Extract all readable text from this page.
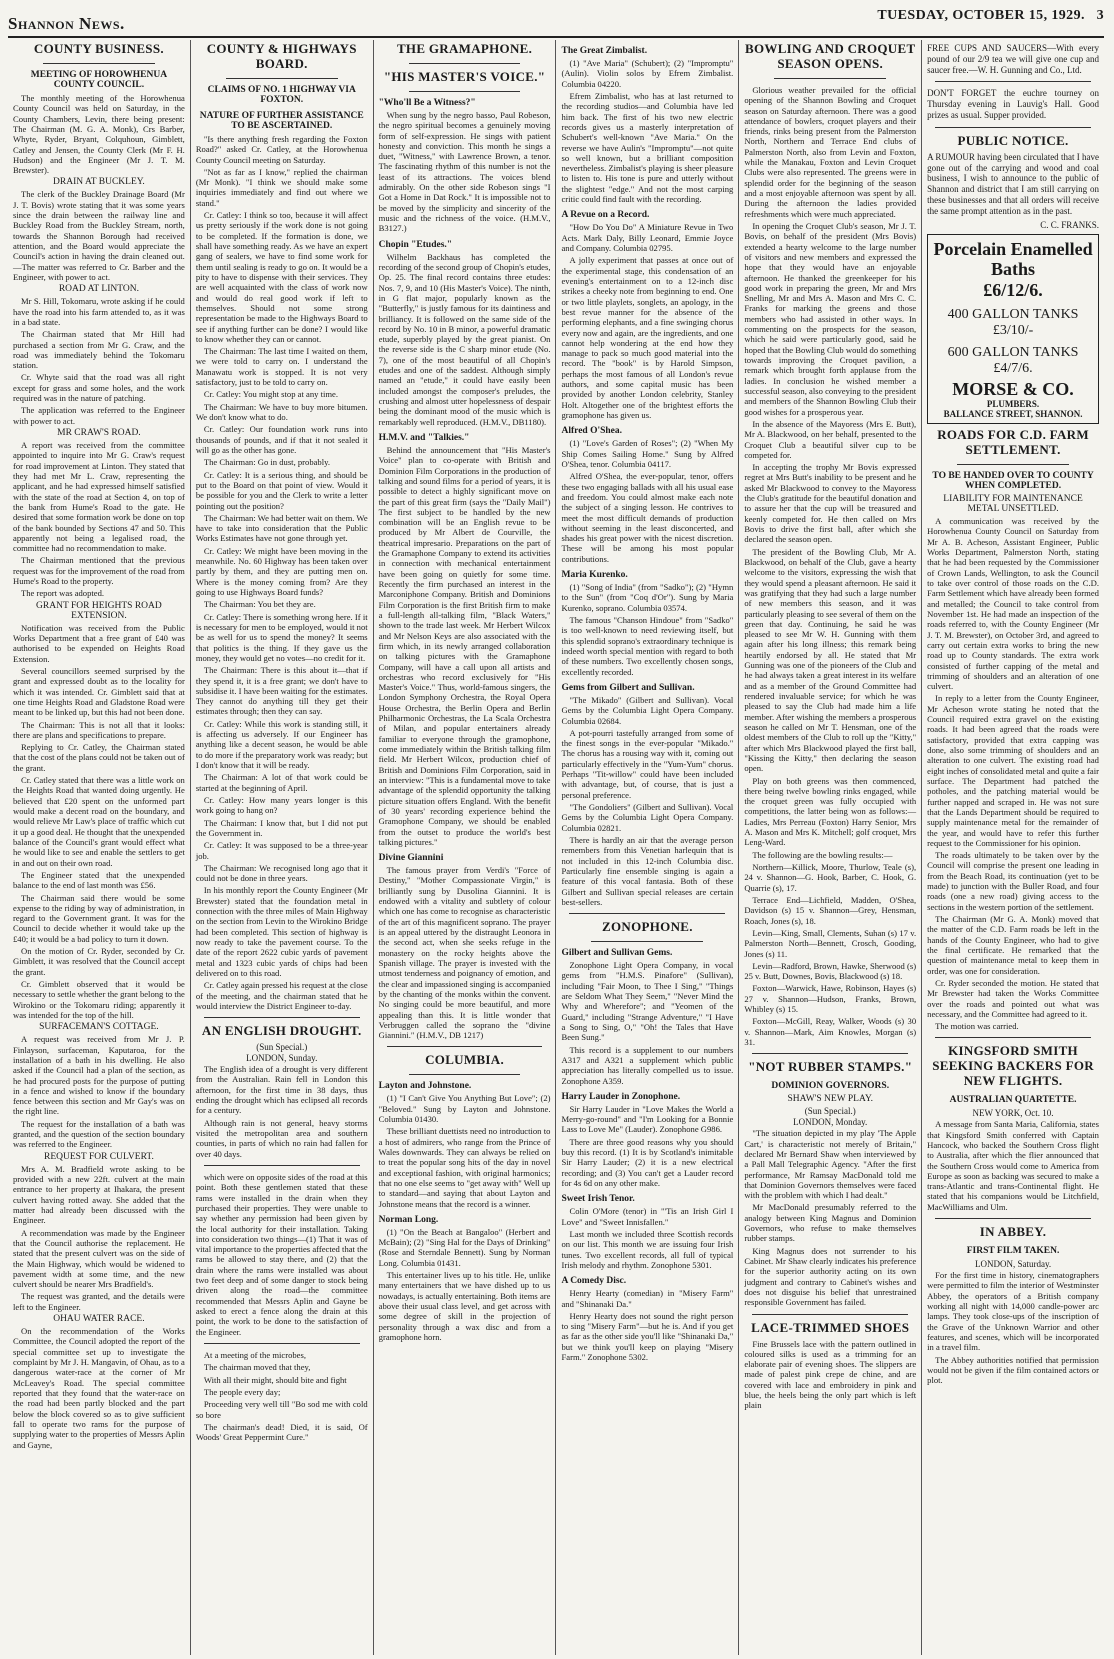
Shannon News.	TUESDAY, OCTOBER 15, 1929. 3
COUNTY BUSINESS.
MEETING OF HOROWHENUA COUNTY COUNCIL.

The monthly meeting of the Horowhenua County Council was held on Saturday, in the County Chambers, Levin, there being present: The Chairman (M. G. A. Monk), Crs Barber, Whyte, Ryder, Bryant, Colquhoun, Gimblett, Catley and Jensen, the County Clerk (Mr F. H. Hudson) and the Engineer (Mr J. T. M. Brewster).

DRAIN AT BUCKLEY.

The clerk of the Buckley Drainage Board (Mr J. T. Bovis) wrote stating that it was some years since the drain between the railway line and Buckley Road from the Buckley Stream, north, towards the Shannon Borough had received attention, and the Board would appreciate the Council's action in having the drain cleaned out.—The matter was referred to Cr. Barber and the Engineer, with power to act.

ROAD AT LINTON.

Mr S. Hill, Tokomaru, wrote asking if he could have the road into his farm attended to, as it was in a bad state.

The Chairman stated that Mr Hill had purchased a section from Mr G. Craw, and the road was immediately behind the Tokomaru station.

Cr. Whyte said that the road was all right except for grass and some holes, and the work required was in the nature of patching.

The application was referred to the Engineer with power to act.

MR CRAW'S ROAD.

A report was received from the committee appointed to inquire into Mr G. Craw's request for road improvement at Linton. They stated that they had met Mr L. Craw, representing the applicant, and he had expressed himself satisfied with the state of the road at Section 4, on top of the bank from Hume's Road to the gate. He desired that some formation work be done on top of the bank bounded by Sections 47 and 50. This apparently not being a legalised road, the committee had no recommendation to make.

The Chairman mentioned that the previous request was for the improvement of the road from Hume's Road to the property.

The report was adopted.

GRANT FOR HEIGHTS ROAD EXTENSION.

Notification was received from the Public Works Department that a free grant of £40 was authorised to be expended on Heights Road Extension.

Several councillors seemed surprised by the grant and expressed doubt as to the locality for which it was intended. Cr. Gimblett said that at one time Heights Road and Gladstone Road were meant to be linked up, but this had not been done.

The Chairman: This is not all that it looks: there are plans and specifications to prepare.

Replying to Cr. Catley, the Chairman stated that the cost of the plans could not be taken out of the grant.

Cr. Catley stated that there was a little work on the Heights Road that wanted doing urgently. He believed that £20 spent on the unformed part would make a decent road on the boundary, and would relieve Mr Law's place of traffic which cut it up a good deal. He thought that the unexpended balance of the Council's grant would effect what he would like to see and enable the settlers to get in and out on their own road.

The Engineer stated that the unexpended balance to the end of last month was £56.

The Chairman said there would be some expense to the riding by way of administration, in regard to the Government grant. It was for the Council to decide whether it would take up the £40; it would be a bad policy to turn it down.

On the motion of Cr. Ryder, seconded by Cr. Gimblett, it was resolved that the Council accept the grant.

Cr. Gimblett observed that it would be necessary to settle whether the grant belong to the Wirokino or the Tokomaru riding; apparently it was intended for the top of the hill.

SURFACEMAN'S COTTAGE.

A request was received from Mr J. P. Finlayson, surfaceman, Kaputaroa, for the installation of a bath in his dwelling. He also asked if the Council had a plan of the section, as he had procured posts for the purpose of putting in a fence and wished to know if the boundary fence between this section and Mr Gay's was on the right line.

The request for the installation of a bath was granted, and the question of the section boundary was referred to the Engineer.

REQUEST FOR CULVERT.

Mrs A. M. Bradfield wrote asking to be provided with a new 22ft. culvert at the main entrance to her property at Ihakara, the present culvert having rotted away. She added that the matter had already been discussed with the Engineer.

A recommendation was made by the Engineer that the Council authorise the replacement. He stated that the present culvert was on the side of the Main Highway, which would be widened to pavement width at some time, and the new culvert should be nearer Mrs Bradfield's.

The request was granted, and the details were left to the Engineer.

OHAU WATER RACE.

On the recommendation of the Works Committee, the Council adopted the report of the special committee set up to investigate the complaint by Mr J. H. Mangavin, of Ohau, as to a dangerous water-race at the corner of Mr McLeavey's Road. The special committee reported that they found that the water-race on the road had been partly blocked and the part below the block covered so as to give sufficient fall to operate two rams for the purpose of supplying water to the properties of Messrs Aplin and Gayne,

COUNTY & HIGHWAYS BOARD.
CLAIMS OF NO. 1 HIGHWAY VIA FOXTON.
NATURE OF FURTHER ASSISTANCE TO BE ASCERTAINED.

"Is there anything fresh regarding the Foxton Road?" asked Cr. Catley, at the Horowhenua County Council meeting on Saturday.

"Not as far as I know," replied the chairman (Mr Monk). "I think we should make some inquiries immediately and find out where we stand."

Cr. Catley: I think so too, because it will affect us pretty seriously if the work done is not going to be completed. If the formation is done, we shall have something ready. As we have an expert gang of sealers, we have to find some work for them until sealing is ready to go on. It would be a pity to have to dispense with their services. They are well acquainted with the class of work now and would do real good work if left to themselves. Should not some strong representation be made to the Highways Board to see if anything further can be done? I would like to know whether they can or cannot.

The Chairman: The last time I waited on them, we were told to carry on. I understand the Manawatu work is stopped. It is not very satisfactory, just to be told to carry on.

Cr. Catley: You might stop at any time.

The Chairman: We have to buy more bitumen. We don't know what to do.

Cr. Catley: Our foundation work runs into thousands of pounds, and if that it not sealed it will go as the other has gone.

The Chairman: Go in dust, probably.

Cr. Catley: It is a serious thing, and should be put to the Board on that point of view. Would it be possible for you and the Clerk to write a letter pointing out the position?

The Chairman: We had better wait on them. We have to take into consideration that the Public Works Estimates have not gone through yet.

Cr. Catley: We might have been moving in the meanwhile. No. 60 Highway has been taken over partly by them, and they are putting men on. Where is the money coming from? Are they going to use Highways Board funds?

The Chairman: You bet they are.

Cr. Catley: There is something wrong here. If it is necessary for men to be employed, would it not be as well for us to spend the money? It seems that politics is the thing. If they gave us the money, they would get no votes—no credit for it.

The Chairman: There is this about it—that if they spend it, it is a free grant; we don't have to subsidise it. I have been waiting for the estimates. They cannot do anything till they get their estimates through; then they can say.

Cr. Catley: While this work is standing still, it is affecting us adversely. If our Engineer has anything like a decent season, he would be able to do more if the preparatory work was ready; but I don't know that it will be ready.

The Chairman: A lot of that work could be started at the beginning of April.

Cr. Catley: How many years longer is this work going to hang on?

The Chairman: I know that, but I did not put the Government in.

Cr. Catley: It was supposed to be a three-year job.

The Chairman: We recognised long ago that it could not be done in three years.

In his monthly report the County Engineer (Mr Brewster) stated that the foundation metal in connection with the three miles of Main Highway on the section from Levin to the Wirokino Bridge had been completed. This section of highway is now ready to take the pavement course. To the date of the report 2622 cubic yards of pavement metal and 1323 cubic yards of chips had been delivered on to this road.

Cr. Catley again pressed his request at the close of the meeting, and the chairman stated that he would interview the District Engineer to-day.

AN ENGLISH DROUGHT.
(Sun Special.)
LONDON, Sunday.

The English idea of a drought is very different from the Australian. Rain fell in London this afternoon, for the first time in 38 days, thus ending the drought which has eclipsed all records for a century.

Although rain is not general, heavy storms visited the metropolitan area and southern counties, in parts of which no rain had fallen for over 40 days.

which were on opposite sides of the road at this point. Both these gentlemen stated that these rams were installed in the drain when they purchased their properties. They were unable to say whether any permission had been given by the local authority for their installation. Taking into consideration two things—(1) That it was of vital importance to the properties affected that the rams be allowed to stay there, and (2) that the drain where the rams were installed was about two feet deep and of some danger to stock being driven along the road—the committee recommended that Messrs Aplin and Gayne be asked to erect a fence along the drain at this point, the work to be done to the satisfaction of the Engineer.

At a meeting of the microbes,

The chairman moved that they,

With all their might, should bite and fight

The people every day;

Proceeding very well till "Bo sod me with cold so bore

The chairman's dead! Died, it is said, Of Woods' Great Peppermint Cure."

THE GRAMAPHONE.
"HIS MASTER'S VOICE."
"Who'll Be a Witness?"

When sung by the negro basso, Paul Robeson, the negro spiritual becomes a genuinely moving form of self-expression. He sings with patient honesty and conviction. This month he sings a duet, "Witness," with Lawrence Brown, a tenor. The fascinating rhythm of this number is not the least of its attractions. The voices blend admirably. On the other side Robeson sings "I Got a Home in Dat Rock." It is impossible not to be moved by the simplicity and sincerity of the music and the richness of the voice. (H.M.V., B3127.)

Chopin "Etudes."

Wilhelm Backhaus has completed the recording of the second group of Chopin's etudes, Op. 25. The final record contains three etudes: Nos. 7, 9, and 10 (His Master's Voice). The ninth, in G flat major, popularly known as the "Butterfly," is justly famous for its daintiness and brilliancy. It is followed on the same side of the record by No. 10 in B minor, a powerful dramatic etude, superbly played by the great pianist. On the reverse side is the C sharp minor etude (No. 7), one of the most beautiful of all Chopin's etudes and one of the saddest. Although simply named an "etude," it could have easily been included amongst the composer's preludes, the crushing and almost utter hopelessness of despair being the dominant mood of the music which is remarkably well reproduced. (H.M.V., DB1180).

H.M.V. and "Talkies."

Behind the announcement that "His Master's Voice" plan to co-operate with British and Dominion Film Corporations in the production of talking and sound films for a period of years, it is possible to detect a highly significant move on the part of this great firm (says the "Daily Mail") The first subject to be handled by the new combination will be an English revue to be produced by Mr Albert de Courville, the theatrical impresario. Preparations on the part of the Gramaphone Company to extend its activities in connection with mechanical entertainment have been going on quietly for some time. Recently the firm purchased an interest in the Marconiphone Company. British and Dominions Film Corporation is the first British firm to make a full-length all-talking film, "Black Waters," shown to the trade last week. Mr Herbert Wilcox and Mr Nelson Keys are also associated with the firm which, in its newly arranged collaboration on talking pictures with the Gramaphone Company, will have a call upon all artists and orchestras who record exclusively for "His Master's Voice." Thus, world-famous singers, the London Symphony Orchestra, the Royal Opera House Orchestra, the Berlin Opera and Berlin Philharmonic Orchestras, the La Scala Orchestra of Milan, and popular entertainers already familiar to everyone through the gramophone, come immediately within the British talking film field. Mr Herbert Wilcox, production chief of British and Dominions Film Corporation, said in an interview: "This is a fundamental move to take advantage of the splendid opportunity the talking picture situation offers England. With the benefit of 30 years' recording experience behind the Gramophone Company, we should be enabled from the outset to produce the world's best talking pictures."

Divine Giannini

The famous prayer from Verdi's "Force of Destiny," "Mother Compassionate Virgin," is brilliantly sung by Dusolina Giannini. It is endowed with a vitality and subtlety of colour which one has come to recognise as characteristic of the art of this magnificent soprano. The prayer is an appeal uttered by the distraught Leonora in the second act, when she seeks refuge in the monastery on the rocky heights above the Spanish village. The prayer is invested with the utmost tenderness and poignancy of emotion, and the clear and impassioned singing is accompanied by the chanting of the monks within the convent. No singing could be more beautiful, and more appealing than this. It is little wonder that Verbruggen called the soprano the "divine Giannini." (H.M.V., DB 1217)

COLUMBIA.
Layton and Johnstone.

(1) "I Can't Give You Anything But Love"; (2) "Beloved." Sung by Layton and Johnstone. Columbia 01430.

These brilliant duettists need no introduction to a host of admirers, who range from the Prince of Wales downwards. They can always be relied on to treat the popular song hits of the day in novel and exceptional fashion, with original harmonics; that no one else seems to "get away with" Well up to standard—and saying that about Layton and Johnstone means that the record is a winner.

Norman Long.

(1) "On the Beach at Bangaloo" (Herbert and McBain); (2) "Sing Hal for the Days of Drinking" (Rose and Sterndale Bennett). Sung by Norman Long. Columbia 01431.

This entertainer lives up to his title. He, unlike many entertainers that we have dished up to us nowadays, is actually entertaining. Both items are above their usual class level, and get across with some degree of skill in the projection of personality through a wax disc and from a gramophone horn.

The Great Zimbalist.

(1) "Ave Maria" (Schubert); (2) "Impromptu" (Aulin). Violin solos by Efrem Zimbalist. Columbia 04220.

Efrem Zimbalist, who has at last returned to the recording studios—and Columbia have led him back. The first of his two new electric records gives us a masterly interpretation of Schubert's well-known "Ave Maria." On the reverse we have Aulin's "Impromptu"—not quite so well known, but a brilliant composition nevertheless. Zimbalist's playing is sheer pleasure to listen to. His tone is pure and utterly without the slightest "edge." And not the most carping critic could find fault with the recording.

A Revue on a Record.

"How Do You Do" A Miniature Revue in Two Acts. Mark Daly, Billy Leonard, Emmie Joyce and Company. Columbia 02795.

A jolly experiment that passes at once out of the experimental stage, this condensation of an evening's entertainment on to a 12-inch disc strikes a cheeky note from beginning to end. One or two little playlets, songlets, an apology, in the best revue manner for the absence of the performing elephants, and a fine swinging chorus every now and again, are the ingredients, and one cannot help wondering at the end how they manage to pack so much good material into the record. The "book" is by Harold Simpson, perhaps the most famous of all London's revue authors, and some capital music has been provided by another London celebrity, Stanley Holt. Altogether one of the brightest efforts the gramophone has given us.

Alfred O'Shea.

(1) "Love's Garden of Roses"; (2) "When My Ship Comes Sailing Home." Sung by Alfred O'Shea, tenor. Columbia 04117.

Alfred O'Shea, the ever-popular, tenor, offers these two engaging ballads with all his usual ease and freedom. You could almost make each note the subject of a singing lesson. He contrives to meet the most difficult demands of production without seeming in the least disconcerted, and shades his great power with the nicest discretion. These will be among his most popular contributions.

Maria Kurenko.

(1) "Song of India" (from "Sadko"); (2) "Hymn to the Sun" (from "Coq d'Or"). Sung by Maria Kurenko, soprano. Columbia 03574.

The famous "Chanson Hindoue" from "Sadko" is too well-known to need reviewing itself, but this splendid soprano's extraordinary technique is indeed worth special mention with regard to both of these numbers. Two excellently chosen songs, excellently recorded.

Gems from Gilbert and Sullivan.

"The Mikado" (Gilbert and Sullivan). Vocal Gems by the Columbia Light Opera Company. Columbia 02684.

A pot-pourri tastefully arranged from some of the finest songs in the ever-popular "Mikado." The chorus has a rousing way with it, coming out particularly effectively in the "Yum-Yum" chorus. Perhaps "Tit-willow" could have been included with advantage, but, of course, that is just a personal preference.

"The Gondoliers" (Gilbert and Sullivan). Vocal Gems by the Columbia Light Opera Company. Columbia 02821.

There is hardly an air that the average person remembers from this Venetian harlequin that is not included in this 12-inch Columbia disc. Particularly fine ensemble singing is again a feature of this vocal fantasia. Both of these Gilbert and Sullivan special releases are certain best-sellers.

ZONOPHONE.
Gilbert and Sullivan Gems.

Zonophone Light Opera Company, in vocal gems from "H.M.S. Pinafore" (Sullivan), including "Fair Moon, to Thee I Sing," "Things are Seldom What They Seem," "Never Mind the Why and Wherefore"; and "Yeomen of the Guard," including "Strange Adventure," "I Have a Song to Sing, O," "Oh! the Tales that Have Been Sung."

This record is a supplement to our numbers A317 and A321 a supplement which public appreciation has literally compelled us to issue. Zonophone A359.

Harry Lauder in Zonophone.

Sir Harry Lauder in "Love Makes the World a Merry-go-round" and "I'm Looking for a Bonnie Lass to Love Me" (Lauder). Zonophone G986.

There are three good reasons why you should buy this record. (1) It is by Scotland's inimitable Sir Harry Lauder; (2) it is a new electrical recording; and (3) You can't get a Lauder record for 4s 6d on any other make.

Sweet Irish Tenor.

Colin O'More (tenor) in "'Tis an Irish Girl I Love" and "Sweet Innisfallen."

Last month we included three Scottish records on our list. This month we are issuing four Irish tunes. Two excellent records, all full of typical Irish melody and rhythm. Zonophone 5301.

A Comedy Disc.

Henry Hearty (comedian) in "Misery Farm" and "Shinanaki Da."

Henry Hearty does not sound the right person to sing "Misery Farm"—but he is. And if you get as far as the other side you'll like "Shinanaki Da," but we think you'll keep on playing "Misery Farm." Zonophone 5302.

BOWLING AND CROQUET SEASON OPENS.

Glorious weather prevailed for the official opening of the Shannon Bowling and Croquet season on Saturday afternoon. There was a good attendance of bowlers, croquet players and their friends, rinks being present from the Palmerston North, Northern and Terrace End clubs of Palmerston North, also from Levin and Foxton, while the Manakau, Foxton and Levin Croquet Clubs were also represented. The greens were in splendid order for the beginning of the season and a most enjoyable afternoon was spent by all. During the afternoon the ladies provided refreshments which were much appreciated.

In opening the Croquet Club's season, Mr J. T. Bovis, on behalf of the president (Mrs Bovis) extended a hearty welcome to the large number of visitors and new members and expressed the hope that they would have an enjoyable afternoon. He thanked the greenkeeper for his good work in preparing the green, Mr and Mrs Snelling, Mr and Mrs A. Mason and Mrs C. C. Franks for marking the greens and those members who had assisted in other ways. In commenting on the prospects for the season, which he said were particularly good, said he hoped that the Bowling Club would do something towards improving the Croquet pavilion, a remark which brought forth applause from the ladies. In conclusion he wished member a successful season, also conveying to the president and members of the Shannon Bowling Club their good wishes for a prosperous year.

In the absence of the Mayoress (Mrs E. Butt), Mr A. Blackwood, on her behalf, presented to the Croquet Club a beautiful silver cup to be competed for.

In accepting the trophy Mr Bovis expressed regret at Mrs Butt's inability to be present and he asked Mr Blackwood to convey to the Mayoress the Club's gratitude for the beautiful donation and to assure her that the cup will be treasured and keenly competed for. He then called on Mrs Bovis to drive the first ball, after which she declared the season open.

The president of the Bowling Club, Mr A. Blackwood, on behalf of the Club, gave a hearty welcome to the visitors, expressing the wish that they would spend a pleasant afternoon. He said it was gratifying that they had such a large number of new members this season, and it was particularly pleasing to see several of them on the green that day. Continuing, he said he was pleased to see Mr W. H. Gunning with them again after his long illness; this remark being heartily endorsed by all. He stated that Mr Gunning was one of the pioneers of the Club and he had always taken a great interest in its welfare and as a member of the Ground Committee had rendered invaluable service; for which he was pleased to say the Club had made him a life member. After wishing the members a prosperous season he called on Mr T. Hensman, one of the oldest members of the Club to roll up the "Kitty," after which Mrs Blackwood played the first ball, "Kissing the Kitty," then declaring the season open.

Play on both greens was then commenced, there being twelve bowling rinks engaged, while the croquet green was fully occupied with competitions, the latter being won as follows:—Ladies, Mrs Perreau (Foxton) Harry Senior, Mrs A. Mason and Mrs K. Mitchell; golf croquet, Mrs Leng-Ward.

The following are the bowling results:—

Northern—Killick, Moore, Thurlow, Teale (s), 24 v. Shannon—G. Hook, Barber, C. Hook, G. Quarrie (s), 17.

Terrace End—Lichfield, Madden, O'Shea, Davidson (s) 15 v. Shannon—Grey, Hensman, Roach, Jones (s), 18.

Levin—King, Small, Clements, Suhan (s) 17 v. Palmerston North—Bennett, Crosch, Gooding, Jones (s) 11.

Levin—Radford, Brown, Hawke, Sherwood (s) 25 v. Butt, Downes, Bovis, Blackwood (s) 18.

Foxton—Warwick, Hawe, Robinson, Hayes (s) 27 v. Shannon—Hudson, Franks, Brown, Whibley (s) 15.

Foxton—McGill, Reay, Walker, Woods (s) 30 v. Shannon—Mark, Aim Knowles, Morgan (s) 31.

"NOT RUBBER STAMPS."
DOMINION GOVERNORS.
SHAW'S NEW PLAY.
(Sun Special.)
LONDON, Monday.

"The situation depicted in my play 'The Apple Cart,' is characteristic not merely of Britain," declared Mr Bernard Shaw when interviewed by a Pall Mall Telegraphic Agency. "After the first performance, Mr Ramsay MacDonald told me that Dominion Governors themselves were faced with the problem with which I had dealt."

Mr MacDonald presumably referred to the analogy between King Magnus and Dominion Governors, who refuse to make themselves rubber stamps.

King Magnus does not surrender to his Cabinet. Mr Shaw clearly indicates his preference for the superior authority acting on its own judgment and contrary to Cabinet's wishes and does not disguise his belief that unrestrained responsible Government has failed.

LACE-TRIMMED SHOES

Fine Brussels lace with the pattern outlined in coloured silks is used as a trimming for an elaborate pair of evening shoes. The slippers are made of palest pink crepe de chine, and are covered with lace and embroidery in pink and blue, the heels being the only part which is left plain

FREE CUPS AND SAUCERS—With every pound of our 2/9 tea we will give one cup and saucer free.—W. H. Gunning and Co., Ltd.
DON'T FORGET the euchre tourney on Thursday evening in Lauvig's Hall. Good prizes as usual. Supper provided.
PUBLIC NOTICE.
A RUMOUR having been circulated that I have gone out of the carrying and wood and coal business, I wish to announce to the public of Shannon and district that I am still carrying on these businesses and that all orders will receive the same prompt attention as in the past.
C. C. FRANKS.
Porcelain Enamelled Baths
£6/12/6.
400 GALLON TANKS £3/10/-
600 GALLON TANKS £4/7/6.
MORSE & CO.
PLUMBERS.
BALLANCE STREET, SHANNON.
ROADS FOR C.D. FARM SETTLEMENT.
TO BE HANDED OVER TO COUNTY WHEN COMPLETED.
LIABILITY FOR MAINTENANCE METAL UNSETTLED.

A communication was received by the Horowhenua County Council on Saturday from Mr A. B. Acheson, Assistant Engineer, Public Works Department, Palmerston North, stating that he had been requested by the Commissioner of Crown Lands, Wellington, to ask the Council to take over control of those roads on the C.D. Farm Settlement which have already been formed and metalled; the Council to take control from November 1st. He had made an inspection of the roads referred to, with the County Engineer (Mr J. T. M. Brewster), on October 3rd, and agreed to carry out certain extra works to bring the new road up to County standards. The extra work consisted of further capping of the metal and trimming of shoulders and an alteration of one culvert.

In reply to a letter from the County Engineer, Mr Acheson wrote stating he noted that the Council required extra gravel on the existing roads. It had been agreed that the roads were satisfactory, provided that extra capping was done, also some trimming of shoulders and an alteration to one culvert. The existing road had eight inches of consolidated metal and quite a fair surface. The Department had patched the potholes, and the patching material would be further napped and scraped in. He was not sure that the Lands Department should be required to supply maintenance metal for the remainder of the year, and would have to refer this further request to the Commissioner for his opinion.

The roads ultimately to be taken over by the Council will comprise the present one leading in from the Beach Road, its continuation (yet to be made) to junction with the Buller Road, and four roads (one a new road) giving access to the sections in the western portion of the settlement.

The Chairman (Mr G. A. Monk) moved that the matter of the C.D. Farm roads be left in the hands of the County Engineer, who had to give the final certificate. He remarked that the question of maintenance metal to keep them in order, was one for consideration.

Cr. Ryder seconded the motion. He stated that Mr Brewster had taken the Works Committee over the roads and pointed out what was necessary, and the Committee had agreed to it.

The motion was carried.

KINGSFORD SMITH SEEKING BACKERS FOR NEW FLIGHTS.
AUSTRALIAN QUARTETTE.
NEW YORK, Oct. 10.

A message from Santa Maria, California, states that Kingsford Smith conferred with Captain Hancock, who backed the Southern Cross flight to Australia, after which the flier announced that the Southern Cross would come to America from Europe as soon as backing was secured to make a trans-Atlantic and trans-Continental flight. He stated that his companions would be Litchfield, MacWilliams and Ulm.

IN ABBEY.
FIRST FILM TAKEN.
LONDON, Saturday.

For the first time in history, cinematographers were permitted to film the interior of Westminster Abbey, the operators of a British company working all night with 14,000 candle-power arc lamps. They took close-ups of the inscription of the Grave of the Unknown Warrior and other features, and scenes, which will be incorporated in a travel film.

The Abbey authorities notified that permission would not be given if the film contained actors or plot.
